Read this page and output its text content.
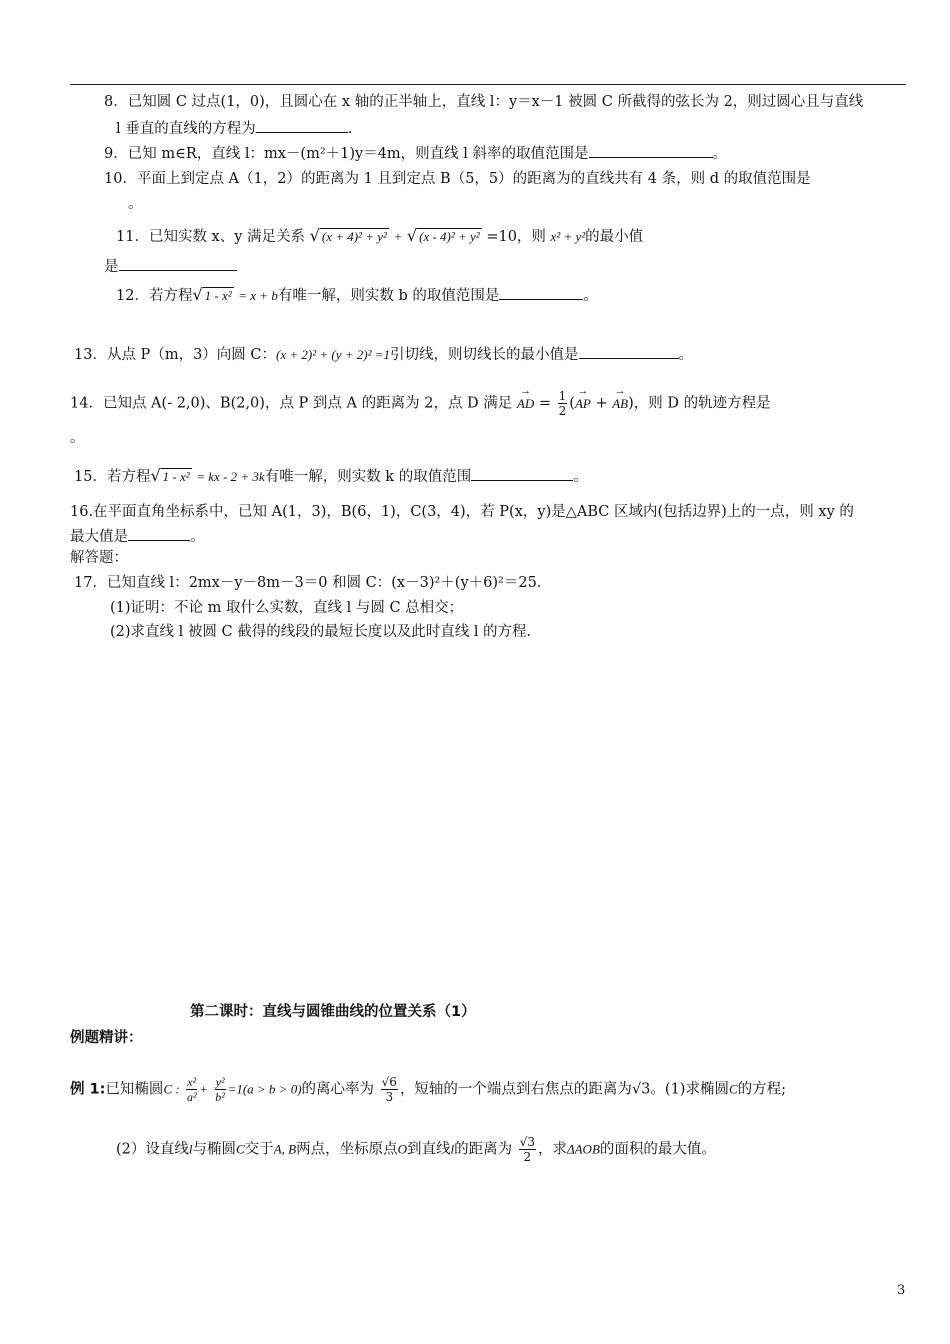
8．已知圆 C 过点(1，0)，且圆心在 x 轴的正半轴上，直线 l：y＝x－1 被圆 C 所截得的弦长为 2，则过圆心且与直线
l 垂直的直线的方程为	.
9．已知 m∈R，直线 l：mx－(m²＋1)y＝4m，则直线 l 斜率的取值范围是	。
10．平面上到定点 A（1，2）的距离为 1 且到定点 B（5，5）的距离为的直线共有 4 条，则 d 的取值范围是
。
11．已知实数 x、y 满足关系 √ (x + 4)² + y² + √ (x - 4)² + y² =10，则 x² + y²的最小值
是
12．若方程√ 1 - x² = x + b有唯一解，则实数 b 的取值范围是	。
13．从点 P（m，3）向圆 C：(x + 2)² + (y + 2)² =1引切线，则切线长的最小值是	。
14．已知点 A(- 2,0)、B(2,0)，点 P 到点 A 的距离为 2，点 D 满足 → AD = $\frac{1}{2}$ (→ AP + → AB)，则 D 的轨迹方程是
。
15．若方程√ 1 - x² = kx - 2 + 3k有唯一解，则实数 k 的取值范围	。
16.在平面直角坐标系中，已知 A(1，3)，B(6，1)，C(3，4)，若 P(x，y)是△ABC 区域内(包括边界)上的一点，则 xy 的
最大值是	。
解答题：
17．已知直线 l：2mx－y－8m－3＝0 和圆 C：(x－3)²＋(y＋6)²＝25.
(1)证明：不论 m 取什么实数，直线 l 与圆 C 总相交；
(2)求直线 l 被圆 C 截得的线段的最短长度以及此时直线 l 的方程.
第二课时：直线与圆锥曲线的位置关系（1）
例题精讲：
例 1:已知椭圆C : $\frac{\text{x²}}{\text{a²}} + \frac{\text{y²}}{\text{b²}} =1(a > b > 0)$的离心率为 $\frac{√6}{3}$ ，短轴的一个端点到右焦点的距离为√3。(1)求椭圆C的方程;
(2）设直线l与椭圆C交于A, B两点，坐标原点O到直线l的距离为 $\frac{√3}{2}$ ，求ΔAOB的面积的最大值。
3
